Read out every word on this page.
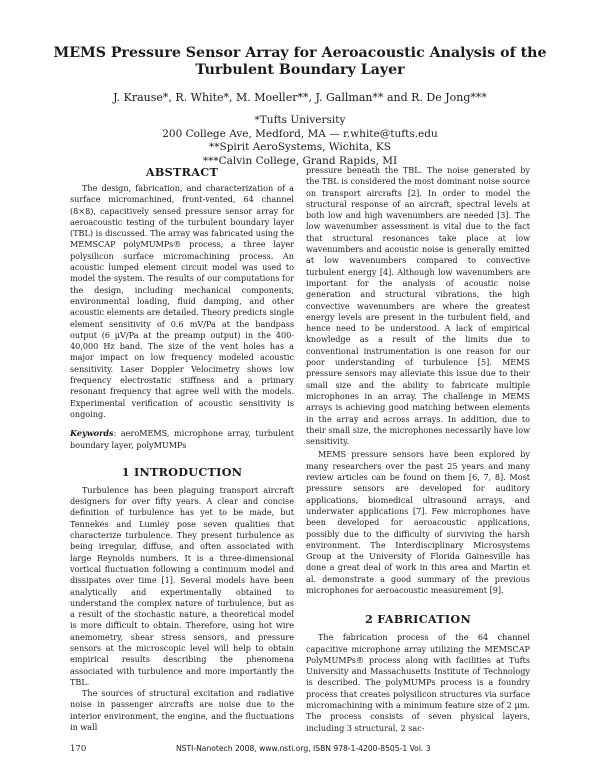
MEMS Pressure Sensor Array for Aeroacoustic Analysis of the
Turbulent Boundary Layer
J. Krause*, R. White*, M. Moeller**, J. Gallman** and R. De Jong***
*Tufts University
200 College Ave, Medford, MA — r.white@tufts.edu
**Spirit AeroSystems, Wichita, KS
***Calvin College, Grand Rapids, MI
ABSTRACT

The design, fabrication, and characterization of a surface micromachined, front-vented, 64 channel (8×8), capacitively sensed pressure sensor array for aeroacoustic testing of the turbulent boundary layer (TBL) is discussed. The array was fabricated using the MEMSCAP polyMUMPs® process, a three layer polysilicon surface micromachining process. An acoustic lumped element circuit model was used to model the system. The results of our computations for the design, including mechanical components, environmental loading, fluid damping, and other acoustic elements are detailed. Theory predicts single element sensitivity of 0.6 mV/Pa at the bandpass output (6 μV/Pa at the preamp output) in the 400-40,000 Hz band. The size of the vent holes has a major impact on low frequency modeled acoustic sensitivity. Laser Doppler Velocimetry shows low frequency electrostatic stiffness and a primary resonant frequency that agree well with the models. Experimental verification of acoustic sensitivity is ongoing.

Keywords: aeroMEMS, microphone array, turbulent boundary layer, polyMUMPs

1 INTRODUCTION

Turbulence has been plaguing transport aircraft designers for over fifty years. A clear and concise definition of turbulence has yet to be made, but Tennekes and Lumley pose seven qualities that characterize turbulence. They present turbulence as being irregular, diffuse, and often associated with large Reynolds numbers. It is a three-dimensional vortical fluctuation following a continuum model and dissipates over time [1]. Several models have been analytically and experimentally obtained to understand the complex nature of turbulence, but as a result of the stochastic nature, a theoretical model is more difficult to obtain. Therefore, using hot wire anemometry, shear stress sensors, and pressure sensors at the microscopic level will help to obtain empirical results describing the phenomena associated with turbulence and more importantly the TBL.

The sources of structural excitation and radiative noise in passenger aircrafts are noise due to the interior environment, the engine, and the fluctuations in wall

pressure beneath the TBL. The noise generated by the TBL is considered the most dominant noise source on transport aircrafts [2]. In order to model the structural response of an aircraft, spectral levels at both low and high wavenumbers are needed [3]. The low wavenumber assessment is vital due to the fact that structural resonances take place at low wavenumbers and acoustic noise is generally emitted at low wavenumbers compared to convective turbulent energy [4]. Although low wavenumbers are important for the analysis of acoustic noise generation and structural vibrations, the high convective wavenumbers are where the greatest energy levels are present in the turbulent field, and hence need to be understood. A lack of empirical knowledge as a result of the limits due to conventional instrumentation is one reason for our poor understanding of turbulence [5]. MEMS pressure sensors may alleviate this issue due to their small size and the ability to fabricate multiple microphones in an array. The challenge in MEMS arrays is achieving good matching between elements in the array and across arrays. In addition, due to their small size, the microphones necessarily have low sensitivity.

MEMS pressure sensors have been explored by many researchers over the past 25 years and many review articles can be found on them [6, 7, 8]. Most pressure sensors are developed for auditory applications, biomedical ultrasound arrays, and underwater applications [7]. Few microphones have been developed for aeroacoustic applications, possibly due to the difficulty of surviving the harsh environment. The Interdisciplinary Microsystems Group at the University of Florida Gainesville has done a great deal of work in this area and Martin et al. demonstrate a good summary of the previous microphones for aeroacoustic measurement [9].

2 FABRICATION

The fabrication process of the 64 channel capacitive microphone array utilizing the MEMSCAP PolyMUMPs® process along with facilities at Tufts University and Massachusetts Institute of Technology is described. The polyMUMPs process is a foundry process that creates polysilicon structures via surface micromachining with a minimum feature size of 2 μm. The process consists of seven physical layers, including 3 structural, 2 sac-

170	NSTI-Nanotech 2008, www.nsti.org, ISBN 978-1-4200-8505-1 Vol. 3
